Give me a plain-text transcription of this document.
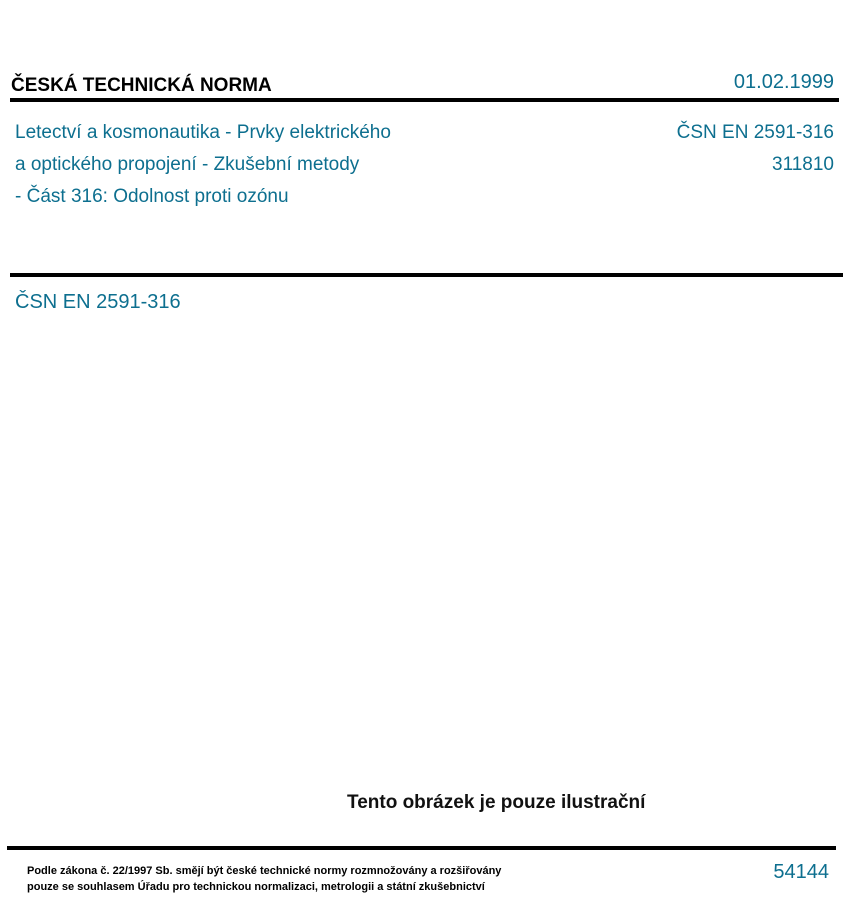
ČESKÁ TECHNICKÁ NORMA	01.02.1999
Letectví a kosmonautika - Prvky elektrického
a optického propojení - Zkušební metody
- Část 316: Odolnost proti ozónu
ČSN EN 2591-316
311810
ČSN EN 2591-316
Tento obrázek je pouze ilustrační
Podle zákona č. 22/1997 Sb. smějí být české technické normy rozmnožovány a rozšiřovány
pouze se souhlasem Úřadu pro technickou normalizaci, metrologii a státní zkušebnictví
54144
